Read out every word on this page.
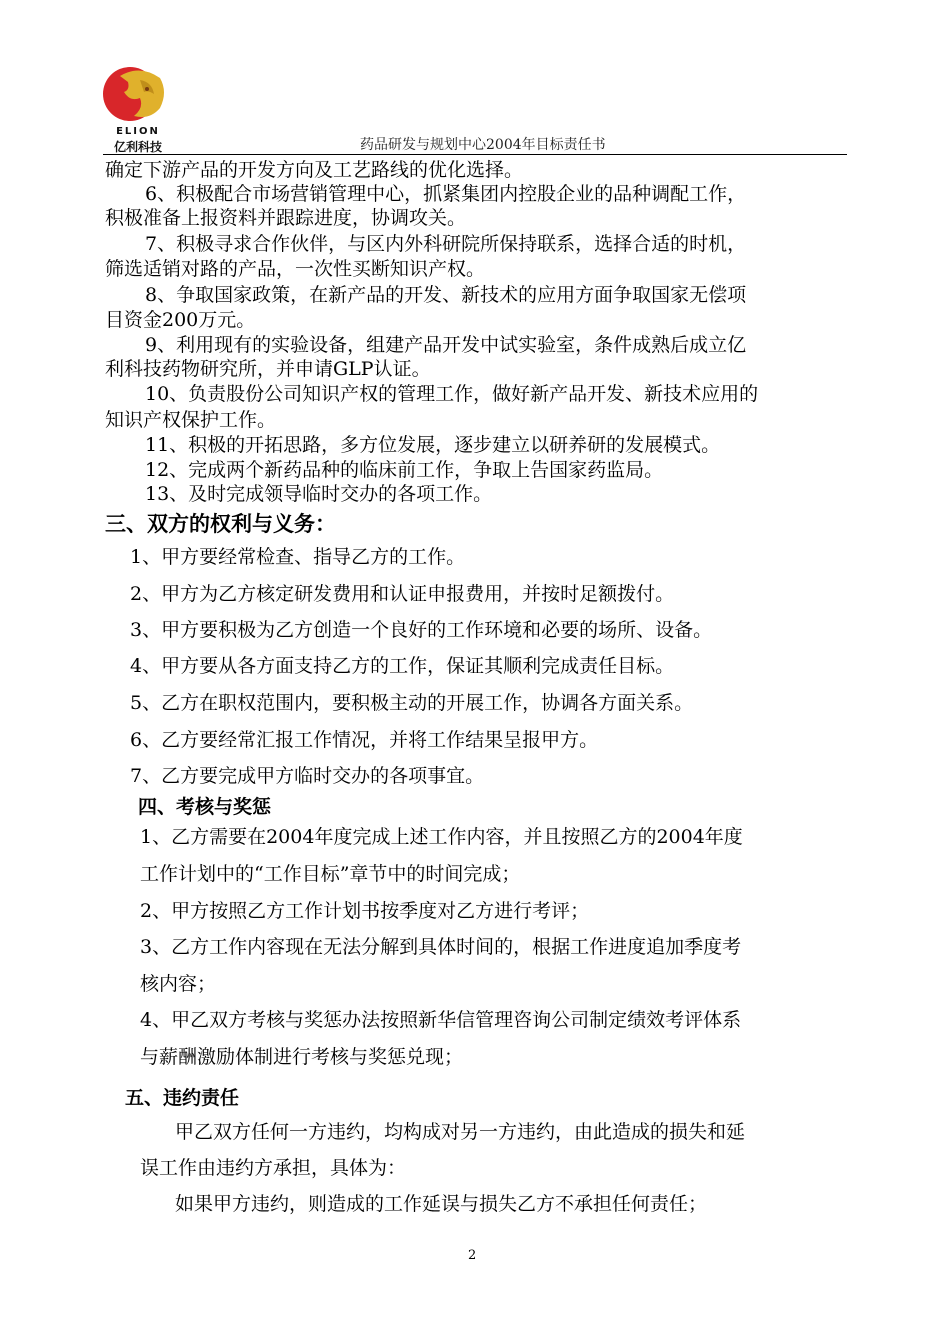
ELION
亿利科技	药品研发与规划中心2004年目标责任书
确定下游产品的开发方向及工艺路线的优化选择。
6、积极配合市场营销管理中心，抓紧集团内控股企业的品种调配工作，
积极准备上报资料并跟踪进度，协调攻关。
7、积极寻求合作伙伴，与区内外科研院所保持联系，选择合适的时机，
筛选适销对路的产品，一次性买断知识产权。
8、争取国家政策，在新产品的开发、新技术的应用方面争取国家无偿项
目资金200万元。
9、利用现有的实验设备，组建产品开发中试实验室，条件成熟后成立亿
利科技药物研究所，并申请GLP认证。
10、负责股份公司知识产权的管理工作，做好新产品开发、新技术应用的
知识产权保护工作。
11、积极的开拓思路，多方位发展，逐步建立以研养研的发展模式。
12、完成两个新药品种的临床前工作，争取上告国家药监局。
13、及时完成领导临时交办的各项工作。
三、双方的权利与义务：
1、甲方要经常检查、指导乙方的工作。
2、甲方为乙方核定研发费用和认证申报费用，并按时足额拨付。
3、甲方要积极为乙方创造一个良好的工作环境和必要的场所、设备。
4、甲方要从各方面支持乙方的工作，保证其顺利完成责任目标。
5、乙方在职权范围内，要积极主动的开展工作，协调各方面关系。
6、乙方要经常汇报工作情况，并将工作结果呈报甲方。
7、乙方要完成甲方临时交办的各项事宜。
四、考核与奖惩
1、乙方需要在2004年度完成上述工作内容，并且按照乙方的2004年度
工作计划中的“工作目标”章节中的时间完成；
2、甲方按照乙方工作计划书按季度对乙方进行考评；
3、乙方工作内容现在无法分解到具体时间的，根据工作进度追加季度考
核内容；
4、甲乙双方考核与奖惩办法按照新华信管理咨询公司制定绩效考评体系
与薪酬激励体制进行考核与奖惩兑现；
五、违约责任
甲乙双方任何一方违约，均构成对另一方违约，由此造成的损失和延
误工作由违约方承担，具体为：
如果甲方违约，则造成的工作延误与损失乙方不承担任何责任；
2
